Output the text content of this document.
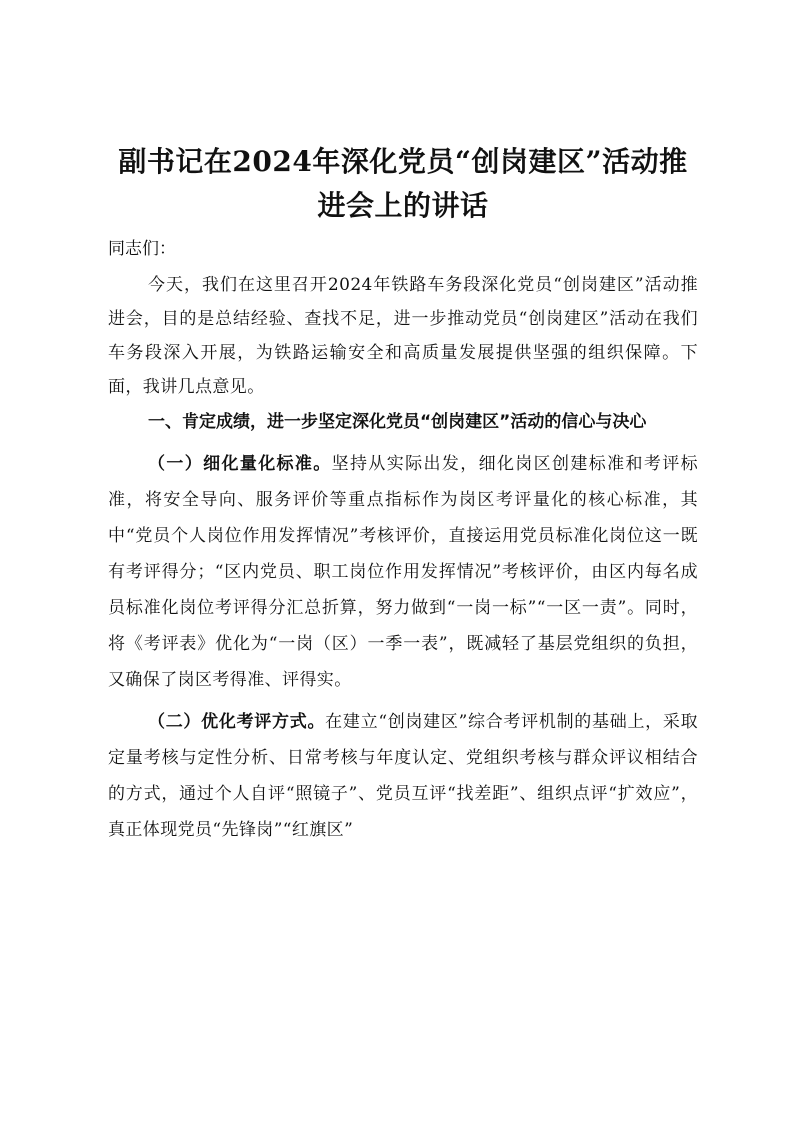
副书记在2024年深化党员“创岗建区”活动推
进会上的讲话

同志们：

今天，我们在这里召开2024年铁路车务段深化党员“创岗建区”活动推进会，目的是总结经验、查找不足，进一步推动党员“创岗建区”活动在我们车务段深入开展，为铁路运输安全和高质量发展提供坚强的组织保障。下面，我讲几点意见。

一、肯定成绩，进一步坚定深化党员“创岗建区”活动的信心与决心

（一）细化量化标准。坚持从实际出发，细化岗区创建标准和考评标准，将安全导向、服务评价等重点指标作为岗区考评量化的核心标准，其中“党员个人岗位作用发挥情况”考核评价，直接运用党员标准化岗位这一既有考评得分；“区内党员、职工岗位作用发挥情况”考核评价，由区内每名成员标准化岗位考评得分汇总折算，努力做到“一岗一标”“一区一责”。同时，将《考评表》优化为“一岗（区）一季一表”，既减轻了基层党组织的负担，又确保了岗区考得准、评得实。

（二）优化考评方式。在建立“创岗建区”综合考评机制的基础上，采取定量考核与定性分析、日常考核与年度认定、党组织考核与群众评议相结合的方式，通过个人自评“照镜子”、党员互评“找差距”、组织点评“扩效应”，真正体现党员“先锋岗”“红旗区”
